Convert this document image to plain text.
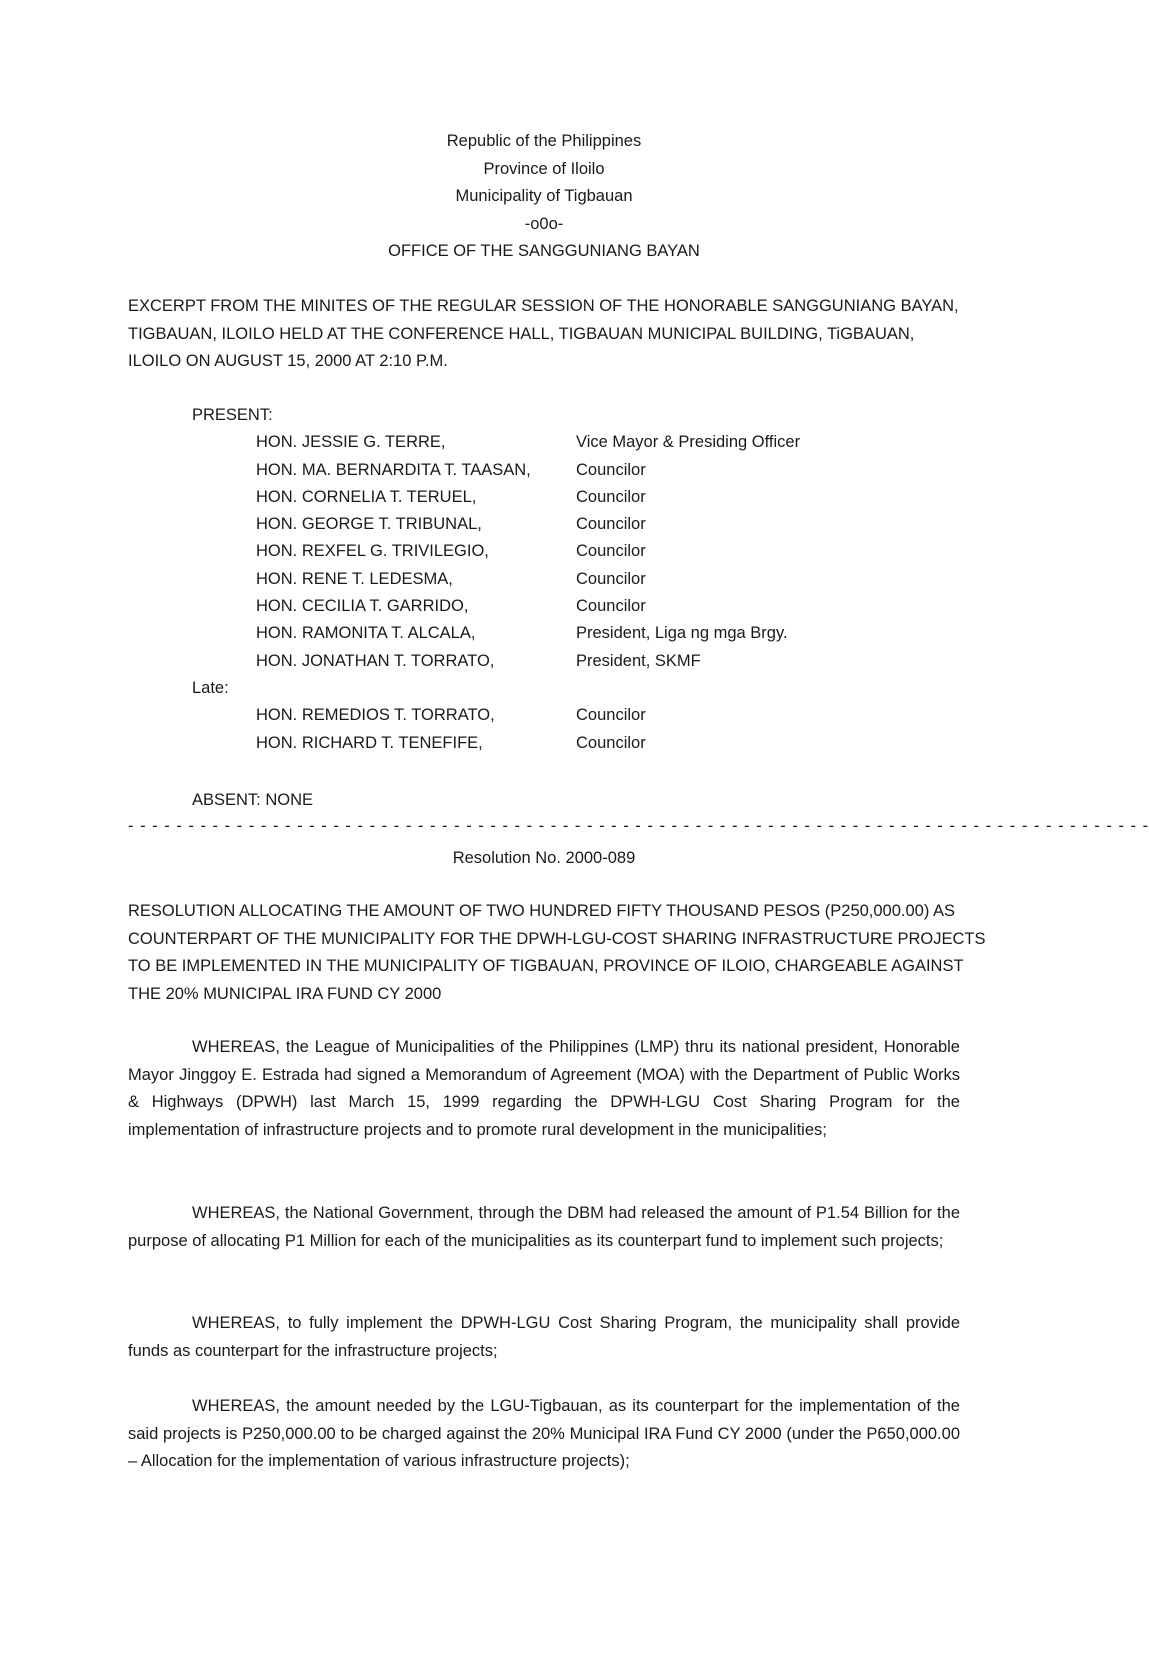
Republic of the Philippines
Province of Iloilo
Municipality of Tigbauan
-o0o-
OFFICE OF THE SANGGUNIANG BAYAN
EXCERPT FROM THE MINITES OF THE REGULAR SESSION OF THE HONORABLE SANGGUNIANG BAYAN,
TIGBAUAN, ILOILO HELD AT THE CONFERENCE HALL, TIGBAUAN MUNICIPAL BUILDING, TiGBAUAN,
ILOILO ON AUGUST 15, 2000 AT 2:10 P.M.
PRESENT:
HON. JESSIE G. TERRE,	Vice Mayor & Presiding Officer
HON. MA. BERNARDITA T. TAASAN,	Councilor
HON. CORNELIA T. TERUEL,	Councilor
HON. GEORGE T. TRIBUNAL,	Councilor
HON. REXFEL G. TRIVILEGIO,	Councilor
HON. RENE T. LEDESMA,	Councilor
HON. CECILIA T. GARRIDO,	Councilor
HON. RAMONITA T. ALCALA,	President, Liga ng mga Brgy.
HON. JONATHAN T. TORRATO,	President, SKMF
Late:
HON. REMEDIOS T. TORRATO,	Councilor
HON. RICHARD T. TENEFIFE,	Councilor
ABSENT: NONE
- - - - - - - - - - - - - - - - - - - - - - - - - - - - - - - - - - - - - - - - - - - - - - - - - - - - - - - - - - - - - - - - - - - - - - - - - - - - - - - - - - - - -
Resolution No. 2000-089
RESOLUTION ALLOCATING THE AMOUNT OF TWO HUNDRED FIFTY THOUSAND PESOS (P250,000.00) AS
COUNTERPART OF THE MUNICIPALITY FOR THE DPWH-LGU-COST SHARING INFRASTRUCTURE PROJECTS
TO BE IMPLEMENTED IN THE MUNICIPALITY OF TIGBAUAN, PROVINCE OF ILOIO, CHARGEABLE AGAINST
THE 20% MUNICIPAL IRA FUND CY 2000
WHEREAS, the League of Municipalities of the Philippines (LMP) thru its national president, Honorable Mayor Jinggoy E. Estrada had signed a Memorandum of Agreement (MOA) with the Department of Public Works & Highways (DPWH) last March 15, 1999 regarding the DPWH-LGU Cost Sharing Program for the implementation of infrastructure projects and to promote rural development in the municipalities;
WHEREAS, the National Government, through the DBM had released the amount of P1.54 Billion for the purpose of allocating P1 Million for each of the municipalities as its counterpart fund to implement such projects;
WHEREAS, to fully implement the DPWH-LGU Cost Sharing Program, the municipality shall provide funds as counterpart for the infrastructure projects;
WHEREAS, the amount needed by the LGU-Tigbauan, as its counterpart for the implementation of the said projects is P250,000.00 to be charged against the 20% Municipal IRA Fund CY 2000 (under the P650,000.00 – Allocation for the implementation of various infrastructure projects);
